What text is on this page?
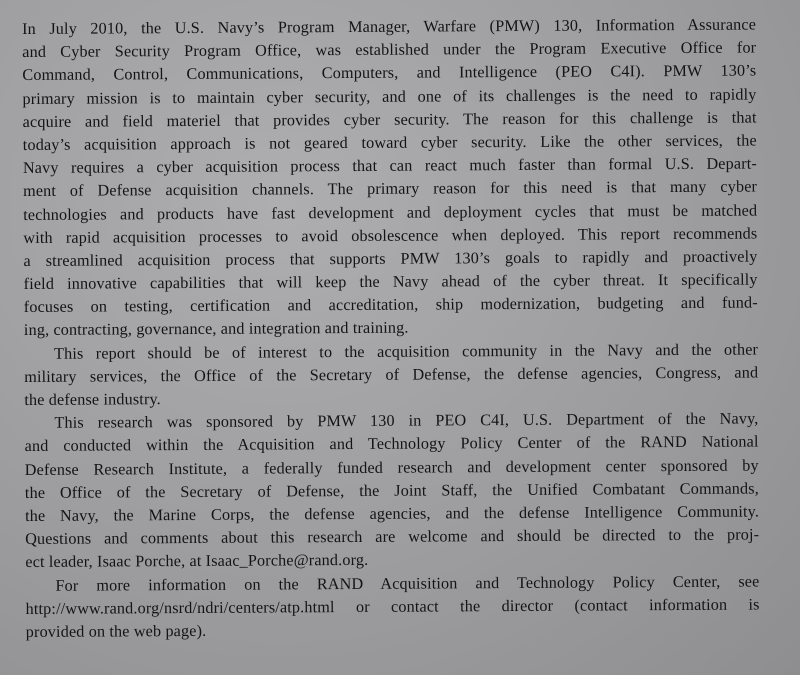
In July 2010, the U.S. Navy’s Program Manager, Warfare (PMW) 130, Information Assurance
and Cyber Security Program Office, was established under the Program Executive Office for
Command, Control, Communications, Computers, and Intelligence (PEO C4I). PMW 130’s
primary mission is to maintain cyber security, and one of its challenges is the need to rapidly
acquire and field materiel that provides cyber security. The reason for this challenge is that
today’s acquisition approach is not geared toward cyber security. Like the other services, the
Navy requires a cyber acquisition process that can react much faster than formal U.S. Depart-
ment of Defense acquisition channels. The primary reason for this need is that many cyber
technologies and products have fast development and deployment cycles that must be matched
with rapid acquisition processes to avoid obsolescence when deployed. This report recommends
a streamlined acquisition process that supports PMW 130’s goals to rapidly and proactively
field innovative capabilities that will keep the Navy ahead of the cyber threat. It specifically
focuses on testing, certification and accreditation, ship modernization, budgeting and fund-
ing, contracting, governance, and integration and training.
This report should be of interest to the acquisition community in the Navy and the other
military services, the Office of the Secretary of Defense, the defense agencies, Congress, and
the defense industry.
This research was sponsored by PMW 130 in PEO C4I, U.S. Department of the Navy,
and conducted within the Acquisition and Technology Policy Center of the RAND National
Defense Research Institute, a federally funded research and development center sponsored by
the Office of the Secretary of Defense, the Joint Staff, the Unified Combatant Commands,
the Navy, the Marine Corps, the defense agencies, and the defense Intelligence Community.
Questions and comments about this research are welcome and should be directed to the proj-
ect leader, Isaac Porche, at Isaac_Porche@rand.org.
For more information on the RAND Acquisition and Technology Policy Center, see
http://www.rand.org/nsrd/ndri/centers/atp.html or contact the director (contact information is
provided on the web page).
